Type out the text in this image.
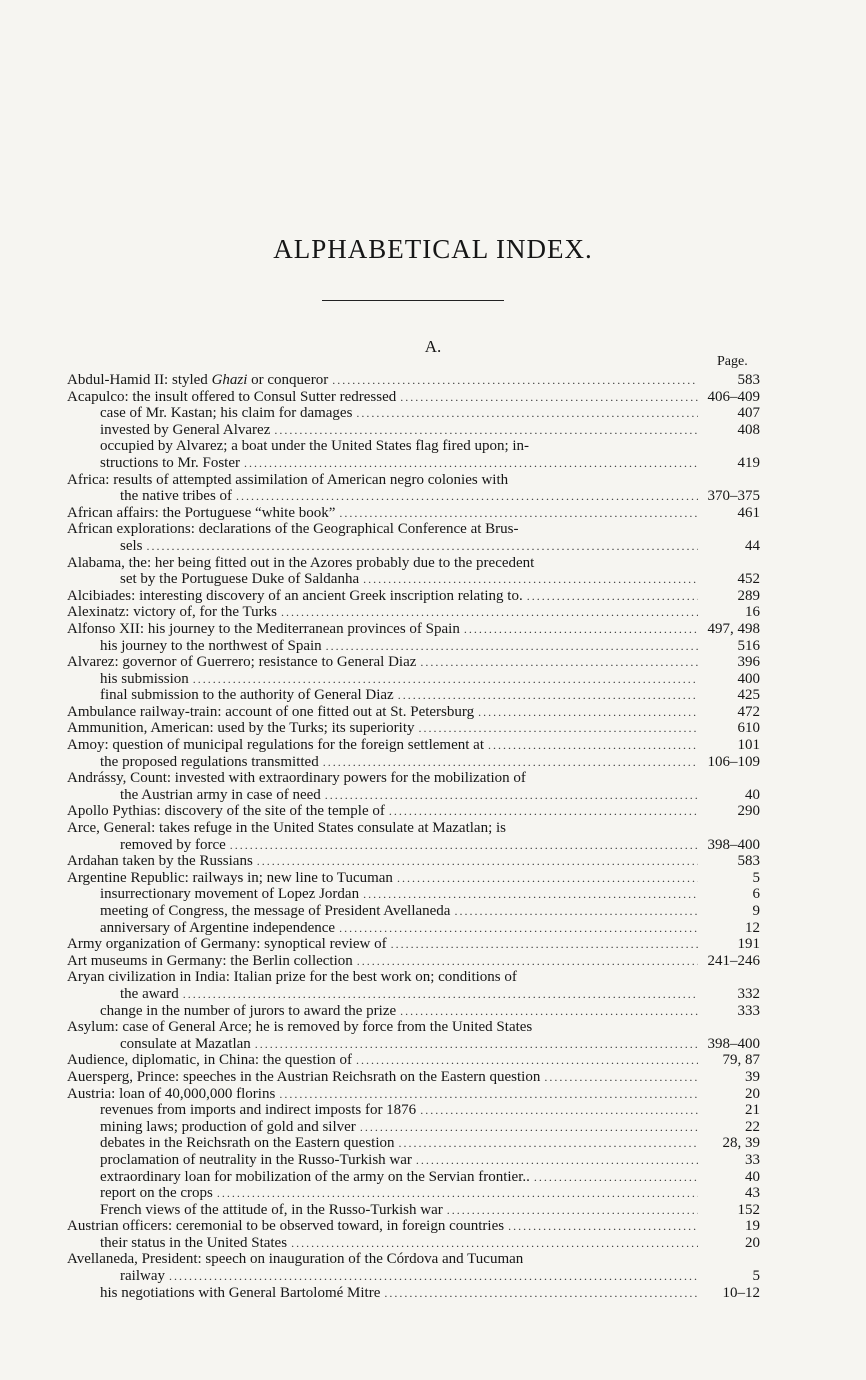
ALPHABETICAL INDEX.
A.
Page.
Abdul-Hamid II: styled Ghazi or conqueror .....	583
Acapulco: the insult offered to Consul Sutter redressed .....	406–409
case of Mr. Kastan; his claim for damages .....	407
invested by General Alvarez .....	408
occupied by Alvarez; a boat under the United States flag fired upon; in-
structions to Mr. Foster .....	419
Africa: results of attempted assimilation of American negro colonies with
the native tribes of .....	370–375
African affairs: the Portuguese “white book” .....	461
African explorations: declarations of the Geographical Conference at Brus-
sels .....	44
Alabama, the: her being fitted out in the Azores probably due to the precedent
set by the Portuguese Duke of Saldanha .....	452
Alcibiades: interesting discovery of an ancient Greek inscription relating to. .....	289
Alexinatz: victory of, for the Turks .....	16
Alfonso XII: his journey to the Mediterranean provinces of Spain .....	497, 498
his journey to the northwest of Spain .....	516
Alvarez: governor of Guerrero; resistance to General Diaz .....	396
his submission .....	400
final submission to the authority of General Diaz .....	425
Ambulance railway-train: account of one fitted out at St. Petersburg .....	472
Ammunition, American: used by the Turks; its superiority .....	610
Amoy: question of municipal regulations for the foreign settlement at .....	101
the proposed regulations transmitted .....	106–109
Andrássy, Count: invested with extraordinary powers for the mobilization of
the Austrian army in case of need .....	40
Apollo Pythias: discovery of the site of the temple of .....	290
Arce, General: takes refuge in the United States consulate at Mazatlan; is
removed by force .....	398–400
Ardahan taken by the Russians .....	583
Argentine Republic: railways in; new line to Tucuman .....	5
insurrectionary movement of Lopez Jordan .....	6
meeting of Congress, the message of President Avellaneda .....	9
anniversary of Argentine independence .....	12
Army organization of Germany: synoptical review of .....	191
Art museums in Germany: the Berlin collection .....	241–246
Aryan civilization in India: Italian prize for the best work on; conditions of
the award .....	332
change in the number of jurors to award the prize .....	333
Asylum: case of General Arce; he is removed by force from the United States
consulate at Mazatlan .....	398–400
Audience, diplomatic, in China: the question of .....	79, 87
Auersperg, Prince: speeches in the Austrian Reichsrath on the Eastern question .....	39
Austria: loan of 40,000,000 florins .....	20
revenues from imports and indirect imposts for 1876 .....	21
mining laws; production of gold and silver .....	22
debates in the Reichsrath on the Eastern question .....	28, 39
proclamation of neutrality in the Russo-Turkish war .....	33
extraordinary loan for mobilization of the army on the Servian frontier.. .....	40
report on the crops .....	43
French views of the attitude of, in the Russo-Turkish war .....	152
Austrian officers: ceremonial to be observed toward, in foreign countries .....	19
their status in the United States .....	20
Avellaneda, President: speech on inauguration of the Córdova and Tucuman
railway .....	5
his negotiations with General Bartolomé Mitre .....	10–12
